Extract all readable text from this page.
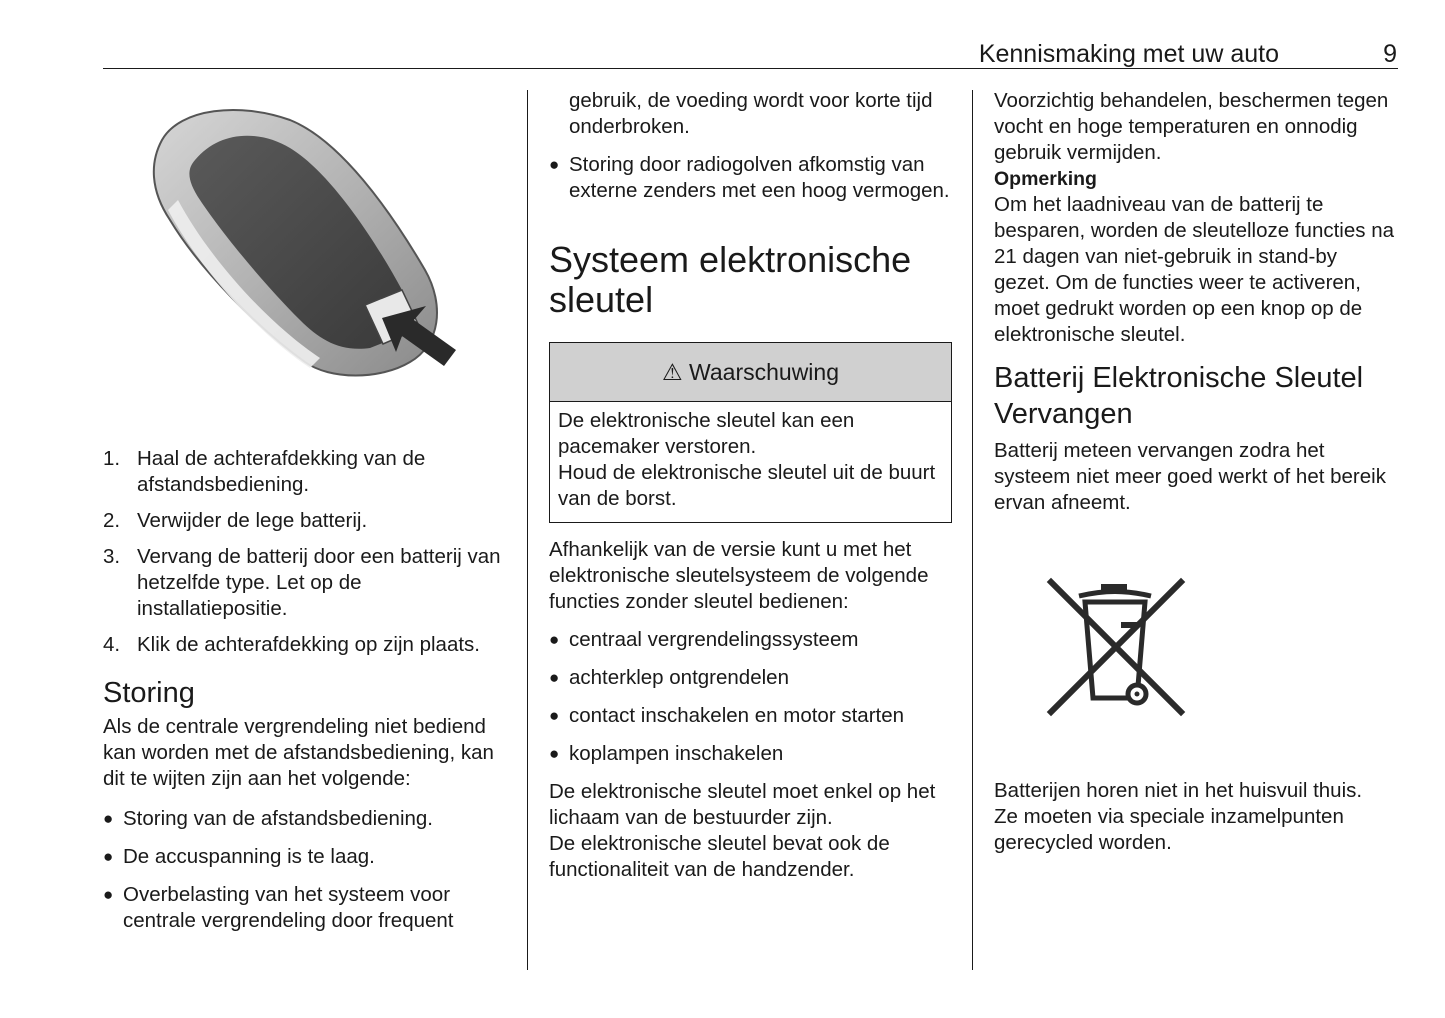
Kennismaking met uw auto	9
1. Haal de achterafdekking van de afstandsbediening.
2. Verwijder de lege batterij.
3. Vervang de batterij door een batterij van hetzelfde type. Let op de installatiepositie.
4. Klik de achterafdekking op zijn plaats.
Storing

Als de centrale vergrendeling niet bediend kan worden met de afstandsbediening, kan dit te wijten zijn aan het volgende:

● Storing van de afstandsbediening.
● De accuspanning is te laag.
● Overbelasting van het systeem voor centrale vergrendeling door frequent

gebruik, de voeding wordt voor korte tijd onderbroken.

● Storing door radiogolven afkomstig van externe zenders met een hoog vermogen.
Systeem elektronische sleutel
⚠ Waarschuwing

De elektronische sleutel kan een pacemaker verstoren.

Houd de elektronische sleutel uit de buurt van de borst.

Afhankelijk van de versie kunt u met het elektronische sleutelsysteem de volgende functies zonder sleutel bedienen:

● centraal vergrendelingssysteem
● achterklep ontgrendelen
● contact inschakelen en motor starten
● koplampen inschakelen

De elektronische sleutel moet enkel op het lichaam van de bestuurder zijn.

De elektronische sleutel bevat ook de functionaliteit van de handzender.

Voorzichtig behandelen, beschermen tegen vocht en hoge temperaturen en onnodig gebruik vermijden.

Opmerking

Om het laadniveau van de batterij te besparen, worden de sleutelloze functies na 21 dagen van niet-gebruik in stand-by gezet. Om de functies weer te activeren, moet gedrukt worden op een knop op de elektronische sleutel.

Batterij Elektronische Sleutel Vervangen

Batterij meteen vervangen zodra het systeem niet meer goed werkt of het bereik ervan afneemt.

Batterijen horen niet in het huisvuil thuis.

Ze moeten via speciale inzamelpunten gerecycled worden.
